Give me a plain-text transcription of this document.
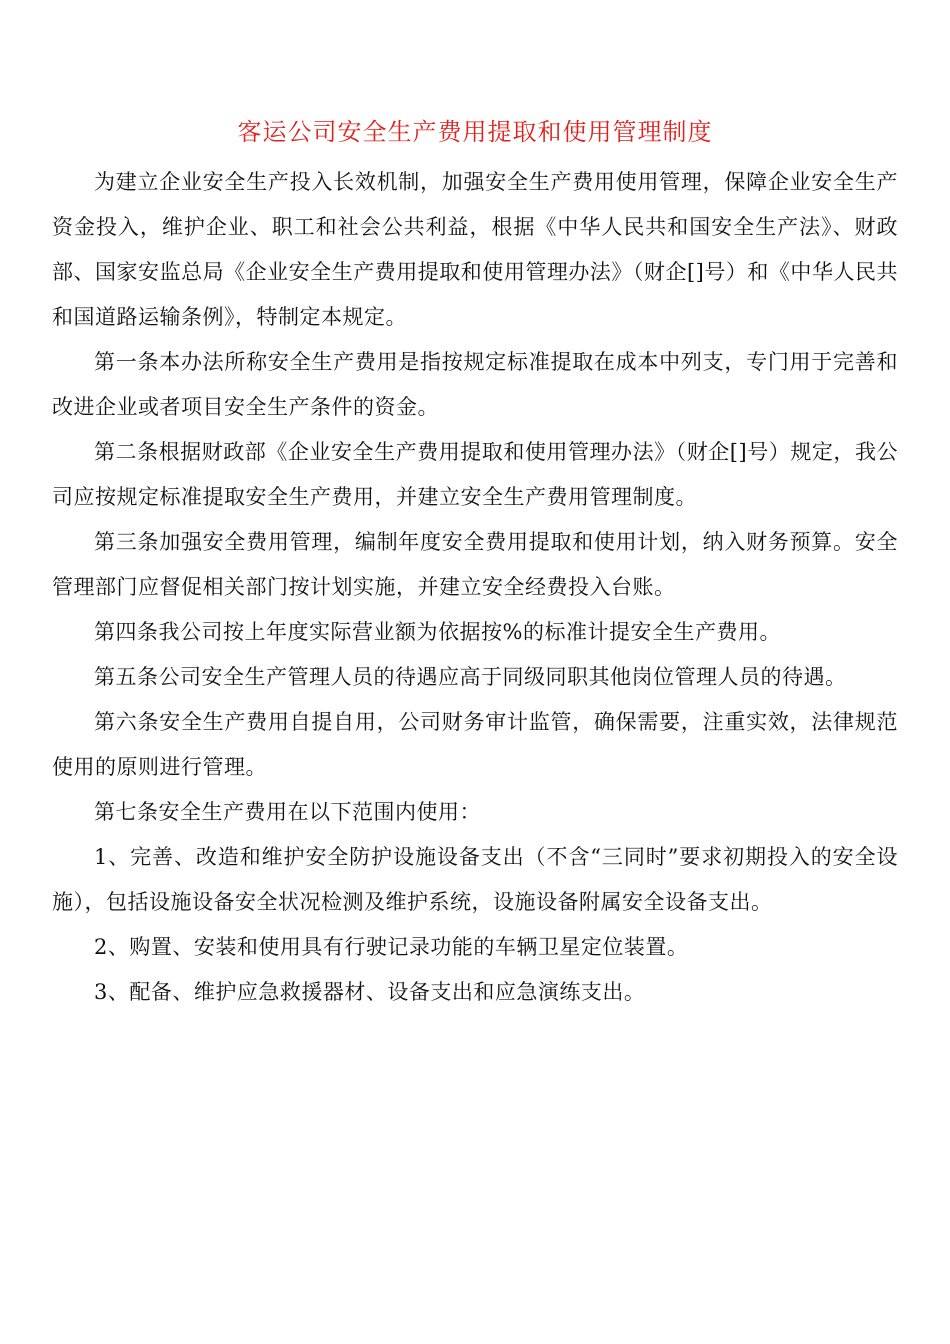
客运公司安全生产费用提取和使用管理制度

为建立企业安全生产投入长效机制，加强安全生产费用使用管理，保障企业安全生产资金投入，维护企业、职工和社会公共利益，根据《中华人民共和国安全生产法》、财政部、国家安监总局《企业安全生产费用提取和使用管理办法》（财企[]号）和《中华人民共和国道路运输条例》，特制定本规定。

第一条本办法所称安全生产费用是指按规定标准提取在成本中列支，专门用于完善和改进企业或者项目安全生产条件的资金。

第二条根据财政部《企业安全生产费用提取和使用管理办法》（财企[]号）规定，我公司应按规定标准提取安全生产费用，并建立安全生产费用管理制度。

第三条加强安全费用管理，编制年度安全费用提取和使用计划，纳入财务预算。安全管理部门应督促相关部门按计划实施，并建立安全经费投入台账。

第四条我公司按上年度实际营业额为依据按%的标准计提安全生产费用。

第五条公司安全生产管理人员的待遇应高于同级同职其他岗位管理人员的待遇。

第六条安全生产费用自提自用，公司财务审计监管，确保需要，注重实效，法律规范使用的原则进行管理。

第七条安全生产费用在以下范围内使用：

1、完善、改造和维护安全防护设施设备支出（不含“三同时”要求初期投入的安全设施），包括设施设备安全状况检测及维护系统，设施设备附属安全设备支出。

2、购置、安装和使用具有行驶记录功能的车辆卫星定位装置。

3、配备、维护应急救援器材、设备支出和应急演练支出。
